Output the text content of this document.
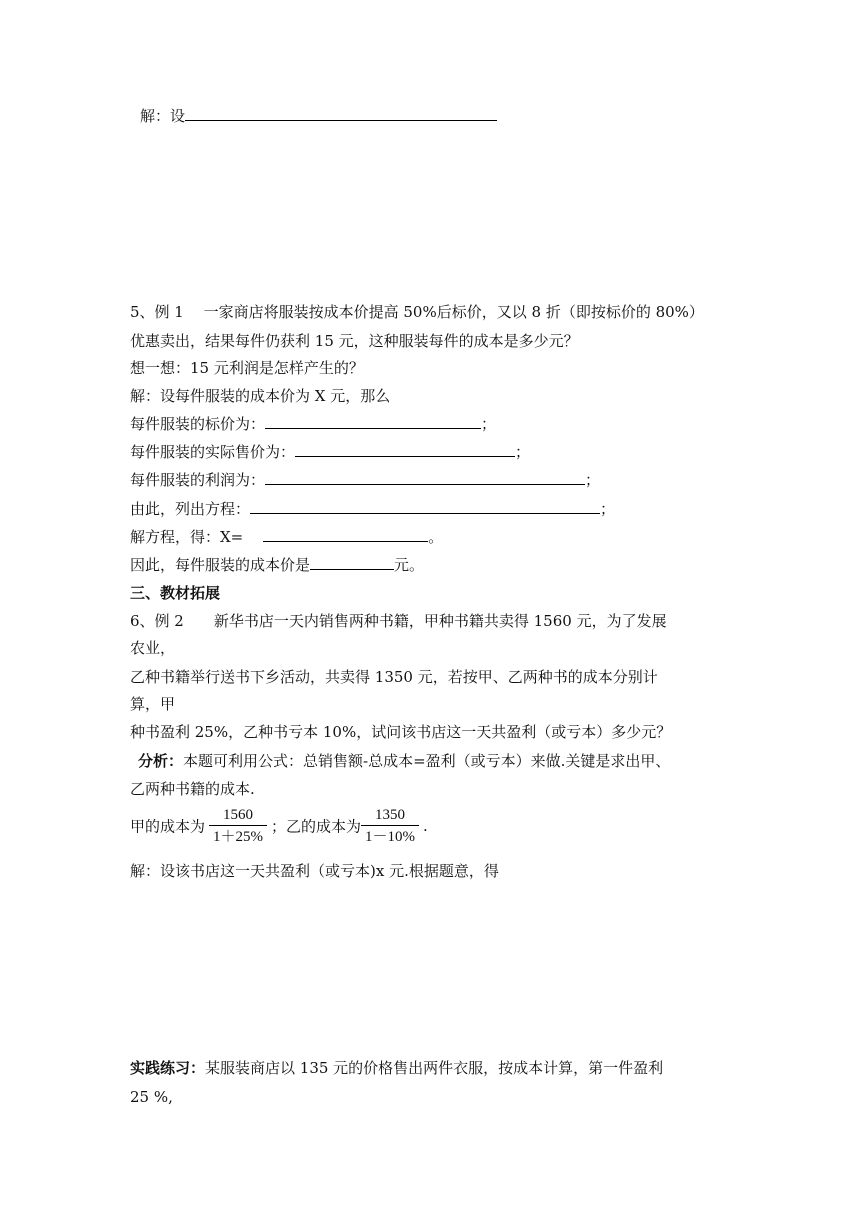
解：设
5、例 1　 一家商店将服装按成本价提高 50%后标价，又以 8 折（即按标价的 80%）
优惠卖出，结果每件仍获利 15 元，这种服装每件的成本是多少元？
想一想：15 元利润是怎样产生的？
解：设每件服装的成本价为 X 元，那么
每件服装的标价为：	；
每件服装的实际售价为：	；
每件服装的利润为：	；
由此，列出方程：	；
解方程，得：X=	。
因此，每件服装的成本价是	元。
三、教材拓展
6、例 2　　新华书店一天内销售两种书籍，甲种书籍共卖得 1560 元，为了发展
农业，
乙种书籍举行送书下乡活动，共卖得 1350 元，若按甲、乙两种书的成本分别计
算，甲
种书盈利 25%，乙种书亏本 10%，试问该书店这一天共盈利（或亏本）多少元？
分析：本题可利用公式：总销售额-总成本=盈利（或亏本）来做.关键是求出甲、
乙两种书籍的成本.
甲的成本为 $\frac{1560}{1+25\%}$ ；乙的成本为 $\frac{1350}{1-10\%}$ .
解：设该书店这一天共盈利（或亏本)x 元.根据题意，得
实践练习：某服装商店以 135 元的价格售出两件衣服，按成本计算，第一件盈利
25 %,
